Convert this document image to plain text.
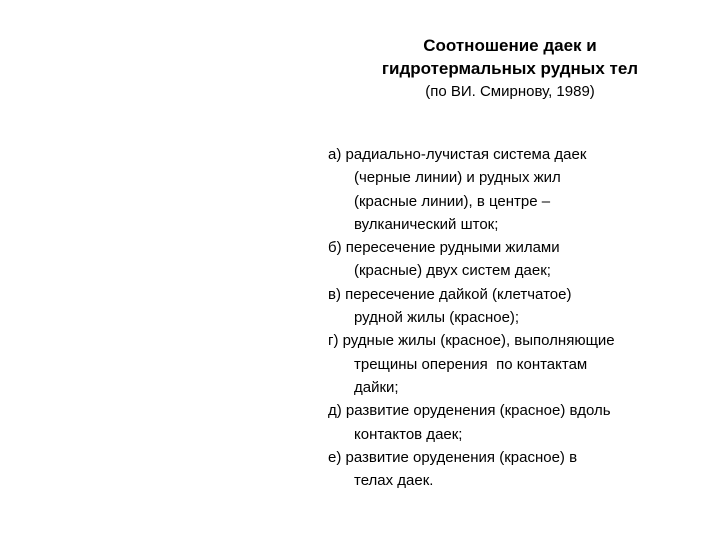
Соотношение даек и
гидротермальных рудных тел
(по ВИ. Смирнову, 1989)
а) радиально-лучистая система даек
(черные линии) и рудных жил
(красные линии), в центре –
вулканический шток;
б) пересечение рудными жилами
(красные) двух систем даек;
в) пересечение дайкой (клетчатое)
рудной жилы (красное);
г) рудные жилы (красное), выполняющие
трещины оперения  по контактам
дайки;
д) развитие оруденения (красное) вдоль
контактов даек;
е) развитие оруденения (красное) в
телах даек.
